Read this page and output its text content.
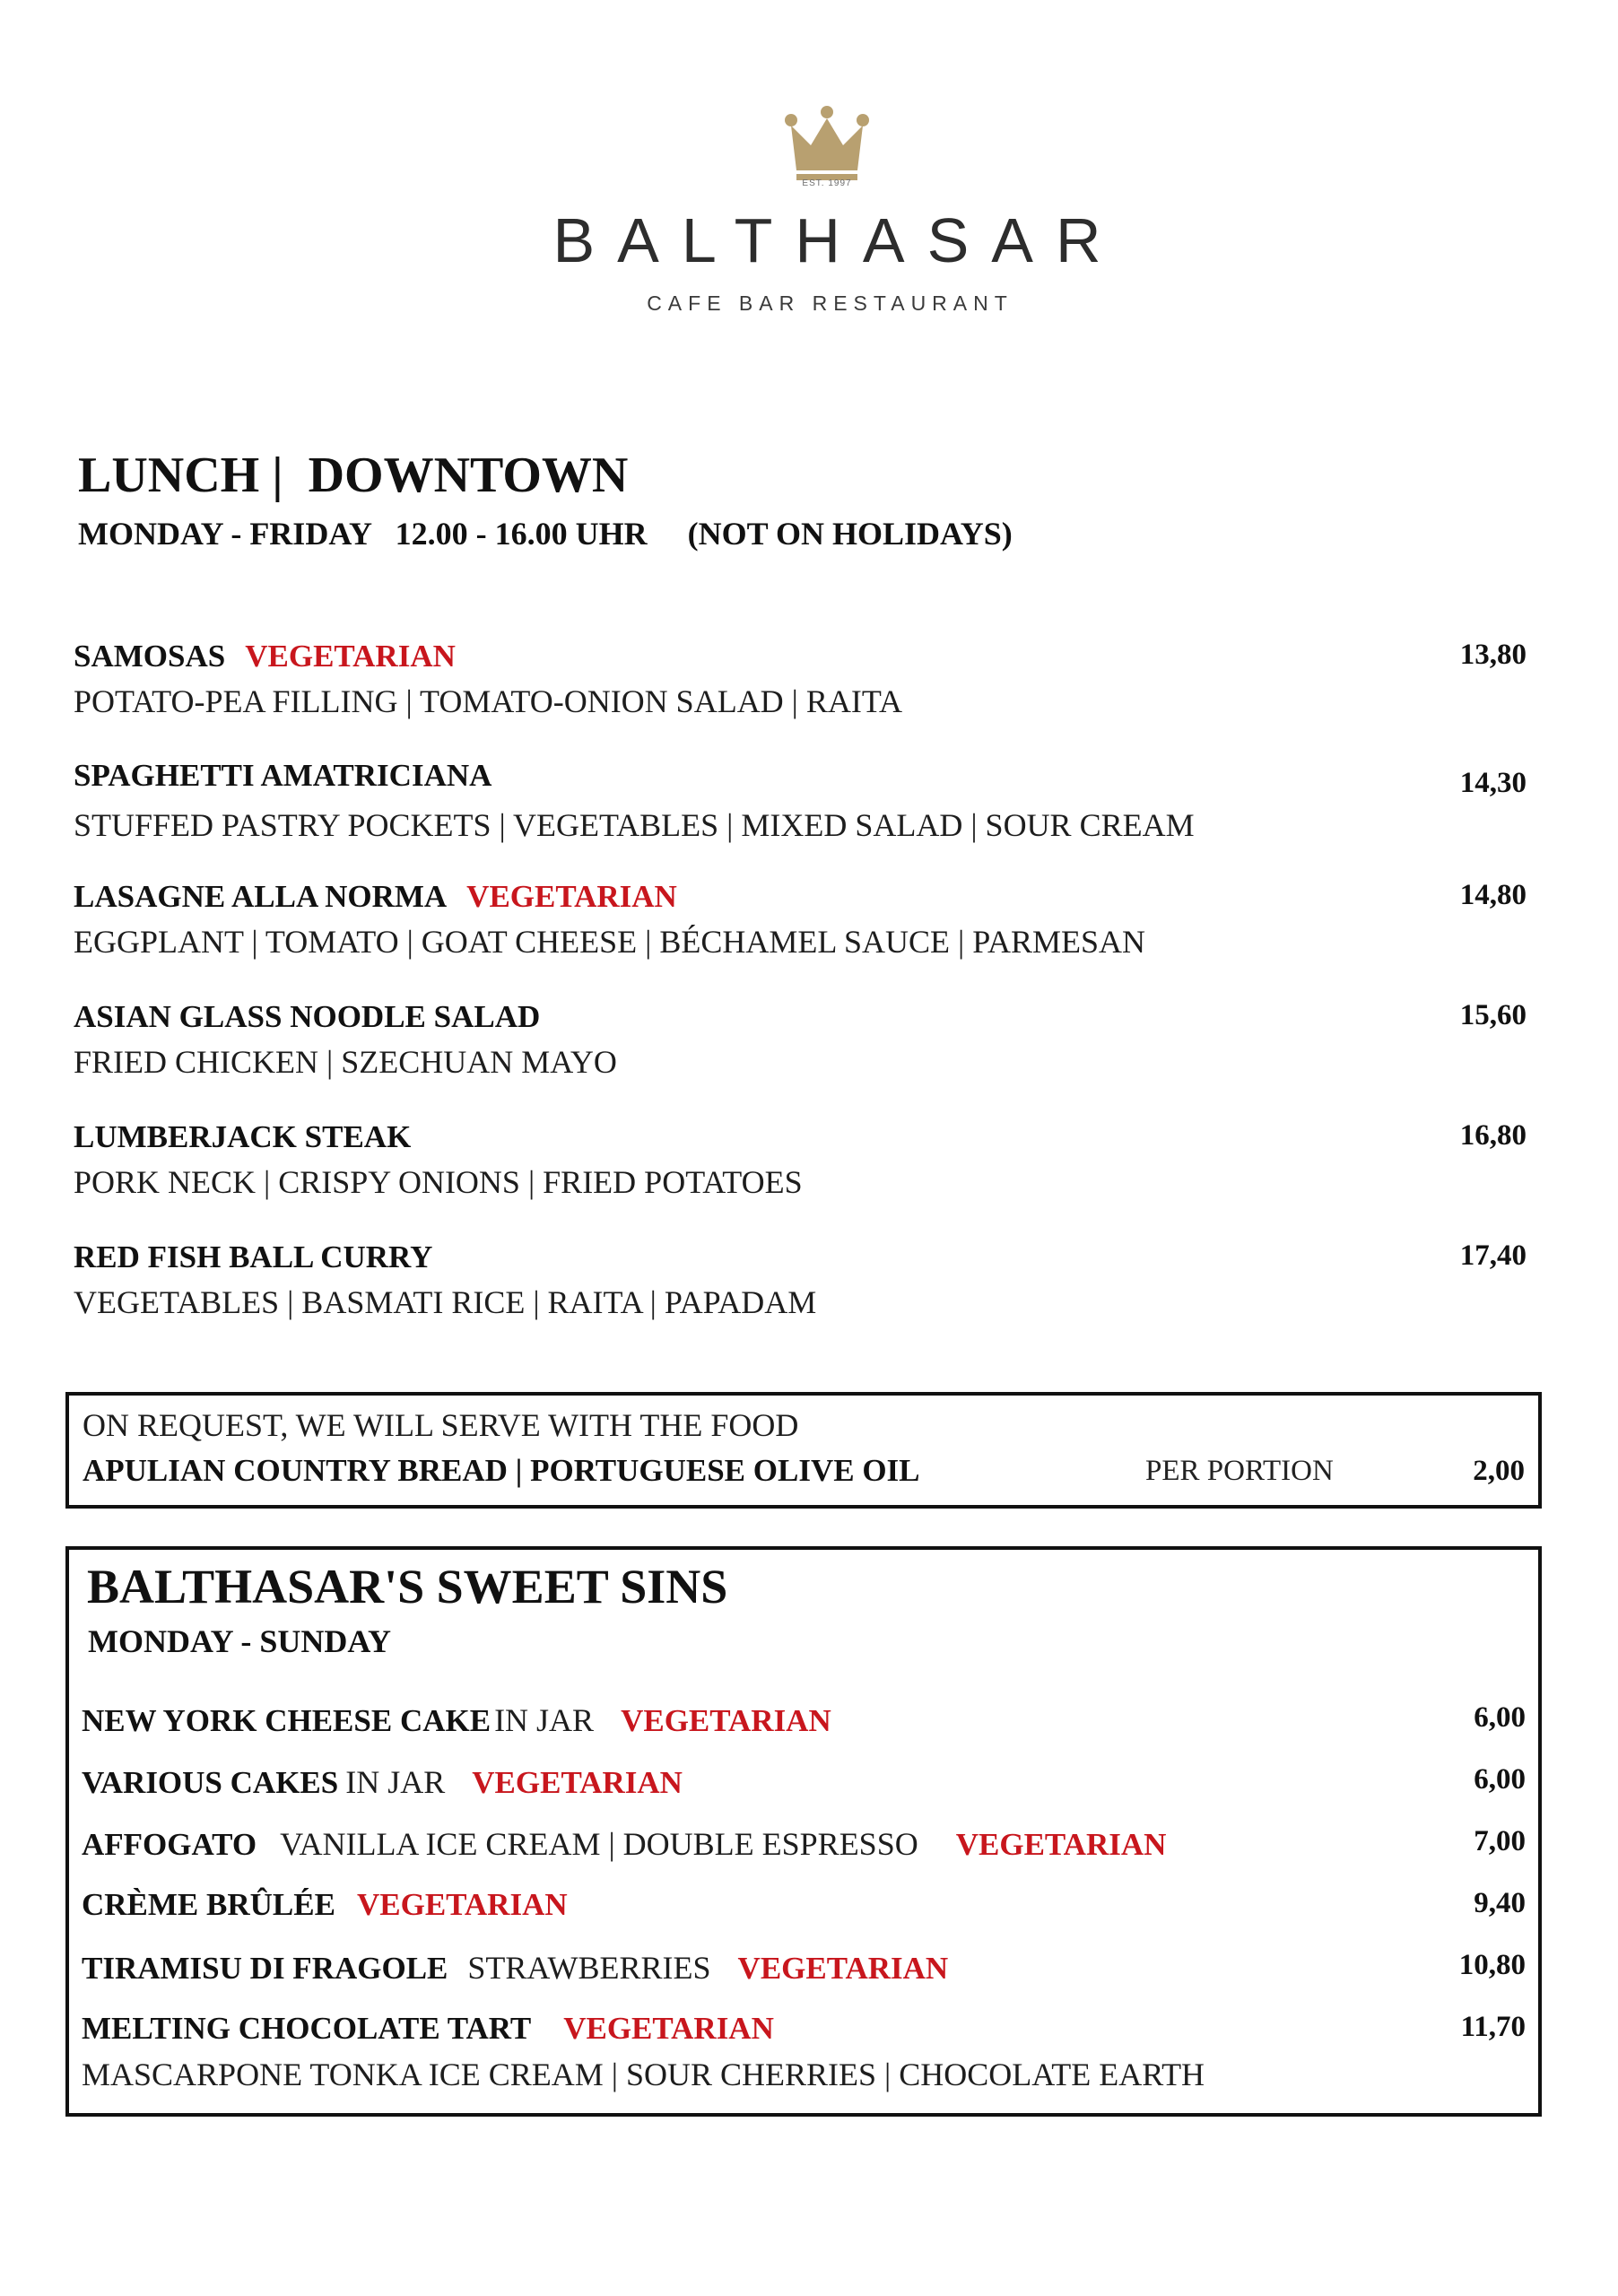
EST. 1997
BALTHASAR
CAFE BAR RESTAURANT
LUNCH |  DOWNTOWN
MONDAY - FRIDAY   12.00 - 16.00 UHR     (NOT ON HOLIDAYS)
SAMOSAS VEGETARIAN
POTATO-PEA FILLING | TOMATO-ONION SALAD | RAITA
13,80
SPAGHETTI AMATRICIANA
STUFFED PASTRY POCKETS | VEGETABLES | MIXED SALAD | SOUR CREAM
14,30
LASAGNE ALLA NORMA VEGETARIAN
EGGPLANT | TOMATO | GOAT CHEESE | BÉCHAMEL SAUCE | PARMESAN
14,80
ASIAN GLASS NOODLE SALAD
FRIED CHICKEN | SZECHUAN MAYO
15,60
LUMBERJACK STEAK
PORK NECK | CRISPY ONIONS | FRIED POTATOES
16,80
RED FISH BALL CURRY
VEGETABLES | BASMATI RICE | RAITA | PAPADAM
17,40
ON REQUEST, WE WILL SERVE WITH THE FOOD
APULIAN COUNTRY BREAD | PORTUGUESE OLIVE OIL	PER PORTION	2,00
BALTHASAR'S SWEET SINS
MONDAY - SUNDAY
NEW YORK CHEESE CAKE IN JAR VEGETARIAN	6,00
VARIOUS CAKES IN JAR VEGETARIAN	6,00
AFFOGATO VANILLA ICE CREAM | DOUBLE ESPRESSO VEGETARIAN	7,00
CRÈME BRÛLÉE VEGETARIAN	9,40
TIRAMISU DI FRAGOLE STRAWBERRIES VEGETARIAN	10,80
MELTING CHOCOLATE TART VEGETARIAN
MASCARPONE TONKA ICE CREAM | SOUR CHERRIES | CHOCOLATE EARTH
11,70
